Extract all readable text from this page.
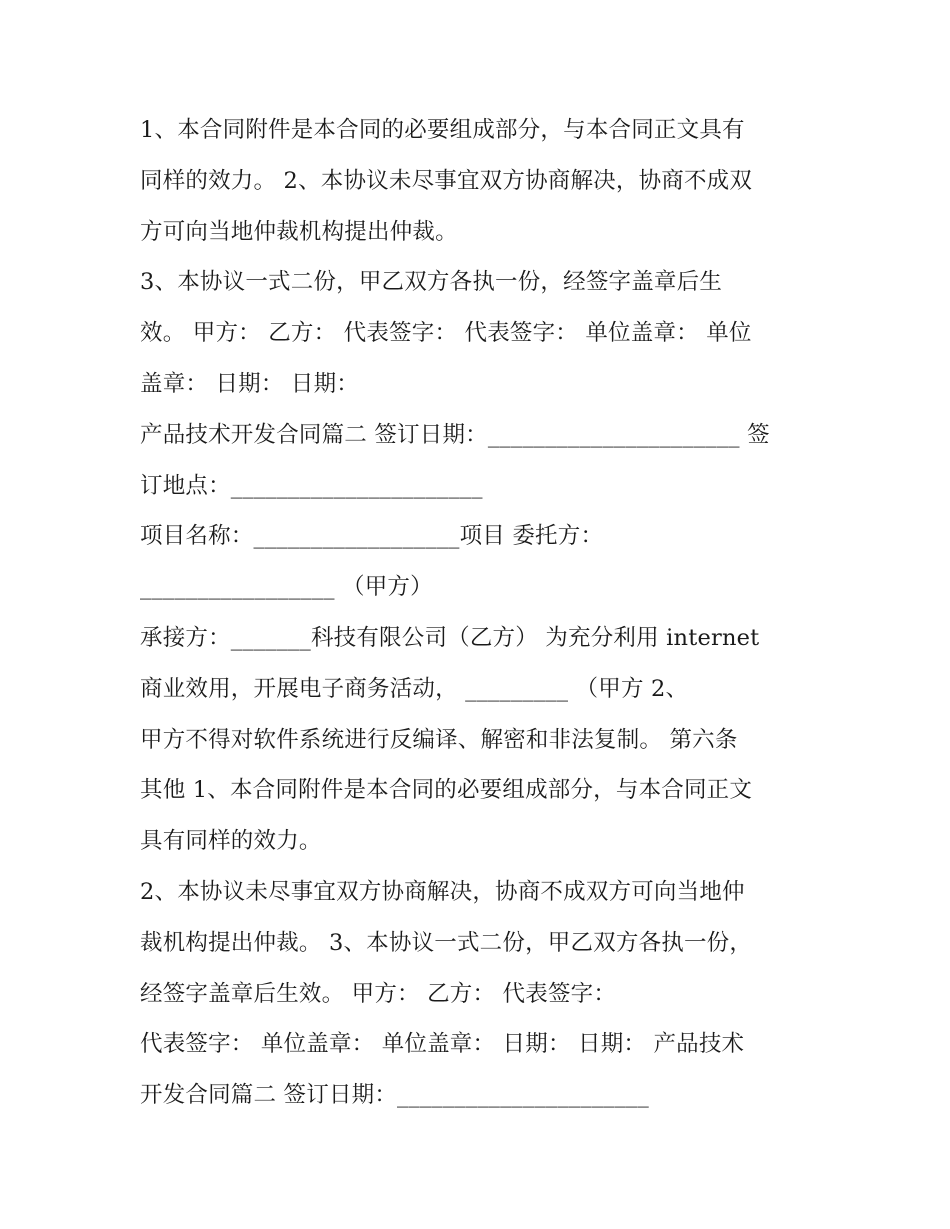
1、本合同附件是本合同的必要组成部分，与本合同正文具有
同样的效力。 2、本协议未尽事宜双方协商解决，协商不成双
方可向当地仲裁机构提出仲裁。
3、本协议一式二份，甲乙双方各执一份，经签字盖章后生
效。 甲方： 乙方： 代表签字： 代表签字： 单位盖章： 单位
盖章： 日期： 日期：
产品技术开发合同篇二 签订日期：______________________ 签
订地点：______________________
项目名称：__________________项目 委托方：
_________________ （甲方）
承接方：_______科技有限公司（乙方） 为充分利用 internet
商业效用，开展电子商务活动， _________ （甲方 2、
甲方不得对软件系统进行反编译、解密和非法复制。 第六条
其他 1、本合同附件是本合同的必要组成部分，与本合同正文
具有同样的效力。
2、本协议未尽事宜双方协商解决，协商不成双方可向当地仲
裁机构提出仲裁。 3、本协议一式二份，甲乙双方各执一份，
经签字盖章后生效。 甲方： 乙方： 代表签字：
代表签字： 单位盖章： 单位盖章： 日期： 日期： 产品技术
开发合同篇二 签订日期：______________________
